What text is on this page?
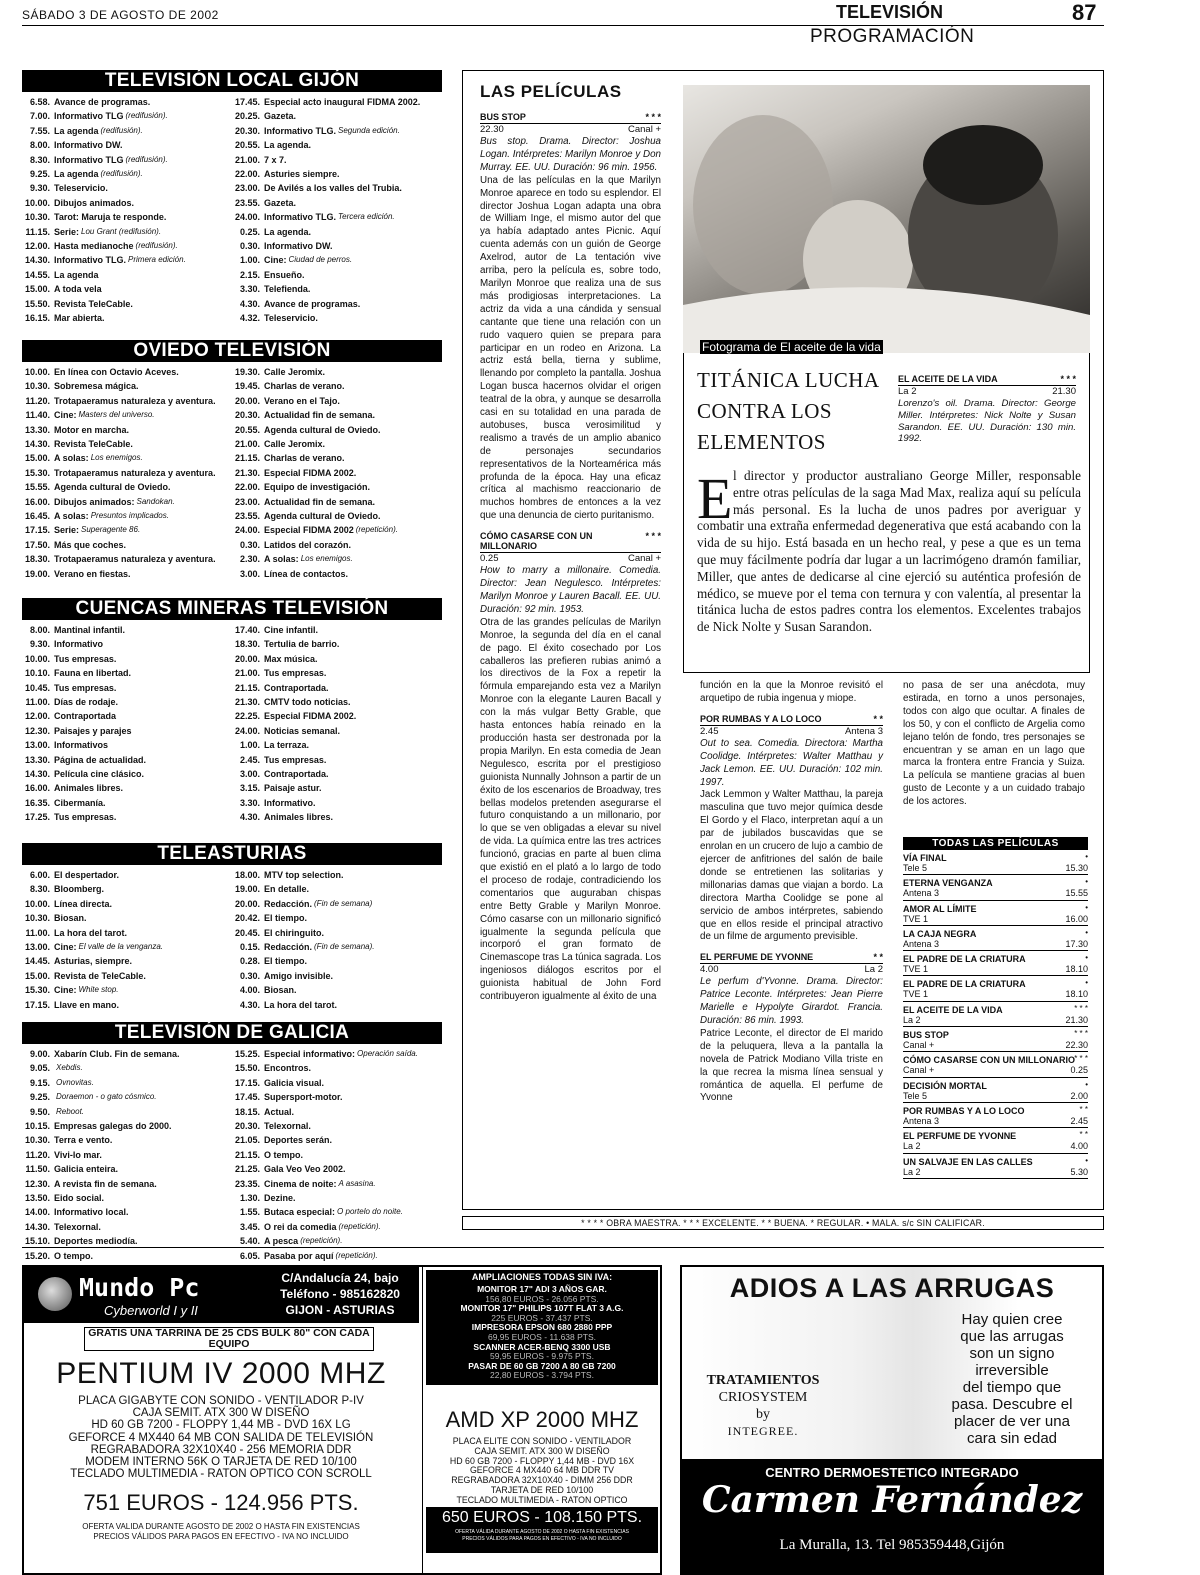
SÁBADO 3 DE AGOSTO DE 2002	TELEVISIÓN	87
PROGRAMACIÓN
TELEVISIÓN LOCAL GIJÓN
6.58. Avance de programas.
7.00. Informativo TLG (redifusión).
7.55. La agenda (redifusión).
8.00. Informativo DW.
8.30. Informativo TLG (redifusión).
9.25. La agenda (redifusión).
9.30. Teleservicio.
10.00. Dibujos animados.
10.30. Tarot: Maruja te responde.
11.15. Serie: Lou Grant (redifusión).
12.00. Hasta medianoche (redifusión).
14.30. Informativo TLG. Primera edición.
14.55. La agenda
15.00. A toda vela
15.50. Revista TeleCable.
16.15. Mar abierta.
17.45. Especial acto inaugural FIDMA 2002.
20.25. Gazeta.
20.30. Informativo TLG. Segunda edición.
20.55. La agenda.
21.00. 7 x 7.
22.00. Asturies siempre.
23.00. De Avilés a los valles del Trubia.
23.55. Gazeta.
24.00. Informativo TLG. Tercera edición.
0.25. La agenda.
0.30. Informativo DW.
1.00. Cine: Ciudad de perros.
2.15. Ensueño.
3.30. Telefienda.
4.30. Avance de programas.
4.32. Teleservicio.
OVIEDO TELEVISIÓN
10.00. En línea con Octavio Aceves.
10.30. Sobremesa mágica.
11.20. Trotapaeramus naturaleza y aventura.
11.40. Cine: Masters del universo.
13.30. Motor en marcha.
14.30. Revista TeleCable.
15.00. A solas: Los enemigos.
15.30. Trotapaeramus naturaleza y aventura.
15.55. Agenda cultural de Oviedo.
16.00. Dibujos animados: Sandokan.
16.45. A solas: Presuntos implicados.
17.15. Serie: Superagente 86.
17.50. Más que coches.
18.30. Trotapaeramus naturaleza y aventura.
19.00. Verano en fiestas.
19.30. Calle Jeromix.
19.45. Charlas de verano.
20.00. Verano en el Tajo.
20.30. Actualidad fin de semana.
20.55. Agenda cultural de Oviedo.
21.00. Calle Jeromix.
21.15. Charlas de verano.
21.30. Especial FIDMA 2002.
22.00. Equipo de investigación.
23.00. Actualidad fin de semana.
23.55. Agenda cultural de Oviedo.
24.00. Especial FIDMA 2002 (repetición).
0.30. Latidos del corazón.
2.30. A solas: Los enemigos.
3.00. Línea de contactos.
CUENCAS MINERAS TELEVISIÓN
8.00. Mantinal infantil.
9.30. Informativo
10.00. Tus empresas.
10.10. Fauna en libertad.
10.45. Tus empresas.
11.00. Días de rodaje.
12.00. Contraportada
12.30. Paisajes y parajes
13.00. Informativos
13.30. Página de actualidad.
14.30. Película cine clásico.
16.00. Animales libres.
16.35. Cibermanía.
17.25. Tus empresas.
17.40. Cine infantil.
18.30. Tertulia de barrio.
20.00. Max música.
21.00. Tus empresas.
21.15. Contraportada.
21.30. CMTV todo noticias.
22.25. Especial FIDMA 2002.
24.00. Noticias semanal.
1.00. La terraza.
2.45. Tus empresas.
3.00. Contraportada.
3.15. Paisaje astur.
3.30. Informativo.
4.30. Animales libres.
TELEASTURIAS
6.00. El despertador.
8.30. Bloomberg.
10.00. Línea directa.
10.30. Biosan.
11.00. La hora del tarot.
13.00. Cine: El valle de la venganza.
14.45. Asturias, siempre.
15.00. Revista de TeleCable.
15.30. Cine: White stop.
17.15. Llave en mano.
18.00. MTV top selection.
19.00. En detalle.
20.00. Redacción. (Fin de semana)
20.42. El tiempo.
20.45. El chiringuito.
0.15. Redacción. (Fin de semana).
0.28. El tiempo.
0.30. Amigo invisible.
4.00. Biosan.
4.30. La hora del tarot.
TELEVISIÓN DE GALICIA
9.00. Xabarín Club. Fin de semana.
9.05. Xebdis.
9.15. Ovnovitas.
9.25. Doraemon - o gato cósmico.
9.50. Reboot.
10.15. Empresas galegas do 2000.
10.30. Terra e vento.
11.20. Vivi-lo mar.
11.50. Galicia enteira.
12.30. A revista fin de semana.
13.50. Eido social.
14.00. Informativo local.
14.30. Telexornal.
15.10. Deportes mediodía.
15.20. O tempo.
15.25. Especial informativo: Operación saída.
15.50. Encontros.
17.15. Galicia visual.
17.45. Supersport-motor.
18.15. Actual.
20.30. Telexornal.
21.05. Deportes serán.
21.15. O tempo.
21.25. Gala Veo Veo 2002.
23.35. Cinema de noite: A asasina.
1.30. Dezine.
1.55. Butaca especial: O portelo do noite.
3.45. O rei da comedia (repetición).
5.40. A pesca (repetición).
6.05. Pasaba por aquí (repetición).
LAS PELÍCULAS
BUS STOP	* * *
22.30	Canal +
Bus stop. Drama. Director: Joshua Logan. Intérpretes: Marilyn Monroe y Don Murray. EE. UU. Duración: 96 min. 1956.
Una de las películas en la que Marilyn Monroe aparece en todo su esplendor. El director Joshua Logan adapta una obra de William Inge, el mismo autor del que ya había adaptado antes Picnic. Aquí cuenta además con un guión de George Axelrod, autor de La tentación vive arriba, pero la película es, sobre todo, Marilyn Monroe que realiza una de sus más prodigiosas interpretaciones. La actriz da vida a una cándida y sensual cantante que tiene una relación con un rudo vaquero quien se prepara para participar en un rodeo en Arizona. La actriz está bella, tierna y sublime, llenando por completo la pantalla. Joshua Logan busca hacernos olvidar el origen teatral de la obra, y aunque se desarrolla casi en su totalidad en una parada de autobuses, busca verosimilitud y realismo a través de un amplio abanico de personajes secundarios representativos de la Norteamérica más profunda de la época. Hay una eficaz crítica al machismo reaccionario de muchos hombres de entonces a la vez que una denuncia de cierto puritanismo.
CÓMO CASARSE CON UN MILLONARIO
* * *
0.25	Canal +
How to marry a millonaire. Comedia. Director: Jean Negulesco. Intérpretes: Marilyn Monroe y Lauren Bacall. EE. UU. Duración: 92 min. 1953.
Otra de las grandes películas de Marilyn Monroe, la segunda del día en el canal de pago. El éxito cosechado por Los caballeros las prefieren rubias animó a los directivos de la Fox a repetir la fórmula emparejando esta vez a Marilyn Monroe con la elegante Lauren Bacall y con la más vulgar Betty Grable, que hasta entonces había reinado en la producción hasta ser destronada por la propia Marilyn. En esta comedia de Jean Negulesco, escrita por el prestigioso guionista Nunnally Johnson a partir de un éxito de los escenarios de Broadway, tres bellas modelos pretenden asegurarse el futuro conquistando a un millonario, por lo que se ven obligadas a elevar su nivel de vida. La química entre las tres actrices funcionó, gracias en parte al buen clima que existió en el plató a lo largo de todo el proceso de rodaje, contradiciendo los comentarios que auguraban chispas entre Betty Grable y Marilyn Monroe. Cómo casarse con un millonario significó igualmente la segunda película que incorporó el gran formato de Cinemascope tras La túnica sagrada. Los ingeniosos diálogos escritos por el guionista habitual de John Ford contribuyeron igualmente al éxito de una
Fotograma de El aceite de la vida
TITÁNICA LUCHA
CONTRA LOS
ELEMENTOS
EL ACEITE DE LA VIDA	* * *
La 2	21.30
Lorenzo's oil. Drama. Director: George Miller. Intérpretes: Nick Nolte y Susan Sarandon. EE. UU. Duración: 130 min. 1992.
E l director y productor australiano George Miller, responsable entre otras películas de la saga Mad Max, realiza aquí su película más personal. Es la lucha de unos padres por averiguar y combatir una extraña enfermedad degenerativa que está acabando con la vida de su hijo. Está basada en un hecho real, y pese a que es un tema que muy fácilmente podría dar lugar a un lacrimógeno dramón familiar, Miller, que antes de dedicarse al cine ejerció su auténtica profesión de médico, se mueve por el tema con ternura y con valentía, al presentar la titánica lucha de estos padres contra los elementos. Excelentes trabajos de Nick Nolte y Susan Sarandon.
función en la que la Monroe revisitó el arquetipo de rubia ingenua y miope.
POR RUMBAS Y A LO LOCO	* *
2.45	Antena 3
Out to sea. Comedia. Directora: Martha Coolidge. Intérpretes: Walter Matthau y Jack Lemon. EE. UU. Duración: 102 min. 1997.
Jack Lemmon y Walter Matthau, la pareja masculina que tuvo mejor química desde El Gordo y el Flaco, interpretan aquí a un par de jubilados buscavidas que se enrolan en un crucero de lujo a cambio de ejercer de anfitriones del salón de baile donde se entretienen las solitarias y millonarias damas que viajan a bordo. La directora Martha Coolidge se pone al servicio de ambos intérpretes, sabiendo que en ellos reside el principal atractivo de un filme de argumento previsible.
EL PERFUME DE YVONNE	* *
4.00	La 2
Le perfum d'Yvonne. Drama. Director: Patrice Leconte. Intérpretes: Jean Pierre Marielle e Hypolyte Girardot. Francia. Duración: 86 min. 1993.
Patrice Leconte, el director de El marido de la peluquera, lleva a la pantalla la novela de Patrick Modiano Villa triste en la que recrea la misma línea sensual y romántica de aquella. El perfume de Yvonne
no pasa de ser una anécdota, muy estirada, en torno a unos personajes, todos con algo que ocultar. A finales de los 50, y con el conflicto de Argelia como lejano telón de fondo, tres personajes se encuentran y se aman en un lago que marca la frontera entre Francia y Suiza. La película se mantiene gracias al buen gusto de Leconte y a un cuidado trabajo de los actores.
TODAS LAS PELÍCULAS
VÍA FINAL
Tele 5	15.30
•
ETERNA VENGANZA
Antena 3	15.55
•
AMOR AL LÍMITE
TVE 1	16.00
•
LA CAJA NEGRA
Antena 3	17.30
•
EL PADRE DE LA CRIATURA
TVE 1	18.10
•
EL PADRE DE LA CRIATURA
TVE 1	18.10
•
EL ACEITE DE LA VIDA
La 2	21.30
* * *
BUS STOP
Canal +	22.30
* * *
CÓMO CASARSE CON UN MILLONARIO
Canal +	0.25
* * *
DECISIÓN MORTAL
Tele 5	2.00
•
POR RUMBAS Y A LO LOCO
Antena 3	2.45
* *
EL PERFUME DE YVONNE
La 2	4.00
* *
UN SALVAJE EN LAS CALLES
La 2	5.30
•
* * * * OBRA MAESTRA. * * * EXCELENTE. * * BUENA. * REGULAR. • MALA. s/c SIN CALIFICAR.
Mundo Pc
Cyberworld I y II
C/Andalucía 24, bajo
Teléfono - 985162820
GIJON - ASTURIAS
GRATIS UNA TARRINA DE 25 CDS BULK 80" CON CADA EQUIPO
PENTIUM IV 2000 MHZ
PLACA GIGABYTE CON SONIDO - VENTILADOR P-IV
CAJA SEMIT. ATX 300 W DISEÑO
HD 60 GB 7200 - FLOPPY 1,44 MB - DVD 16X LG
GEFORCE 4 MX440 64 MB CON SALIDA DE TELEVISIÓN
REGRABADORA 32X10X40 - 256 MEMORIA DDR
MODEM INTERNO 56K O TARJETA DE RED 10/100
TECLADO MULTIMEDIA - RATON OPTICO CON SCROLL
751 EUROS - 124.956 PTS.
OFERTA VALIDA DURANTE AGOSTO DE 2002 O HASTA FIN EXISTENCIAS
PRECIOS VÁLIDOS PARA PAGOS EN EFECTIVO - IVA NO INCLUIDO
AMPLIACIONES TODAS SIN IVA:
MONITOR 17" ADI 3 AÑOS GAR.
156,80 EUROS - 26.056 PTS.
MONITOR 17" PHILIPS 107T FLAT 3 A.G.
225 EUROS - 37.437 PTS.
IMPRESORA EPSON 680 2880 PPP
69,95 EUROS - 11.638 PTS.
SCANNER ACER-BENQ 3300 USB
59,95 EUROS - 9.975 PTS.
PASAR DE 60 GB 7200 A 80 GB 7200
22,80 EUROS - 3.794 PTS.
AMD XP 2000 MHZ
PLACA ELITE CON SONIDO - VENTILADOR
CAJA SEMIT. ATX 300 W DISEÑO
HD 60 GB 7200 - FLOPPY 1,44 MB - DVD 16X
GEFORCE 4 MX440 64 MB DDR TV
REGRABADORA 32X10X40 - DIMM 256 DDR
TARJETA DE RED 10/100
TECLADO MULTIMEDIA - RATON OPTICO
650 EUROS - 108.150 PTS.
OFERTA VÁLIDA DURANTE AGOSTO DE 2002 O HASTA FIN EXISTENCIAS
PRECIOS VÁLIDOS PARA PAGOS EN EFECTIVO - IVA NO INCLUIDO
ADIOS A LAS ARRUGAS
Hay quien cree
que las arrugas
son un signo
irreversible
del tiempo que
pasa. Descubre el
placer de ver una
cara sin edad
TRATAMIENTOS
CRIOSYSTEM
by
INTEGREE.
CENTRO DERMOESTETICO INTEGRADO
Carmen Fernández
La Muralla, 13. Tel 985359448,Gijón
